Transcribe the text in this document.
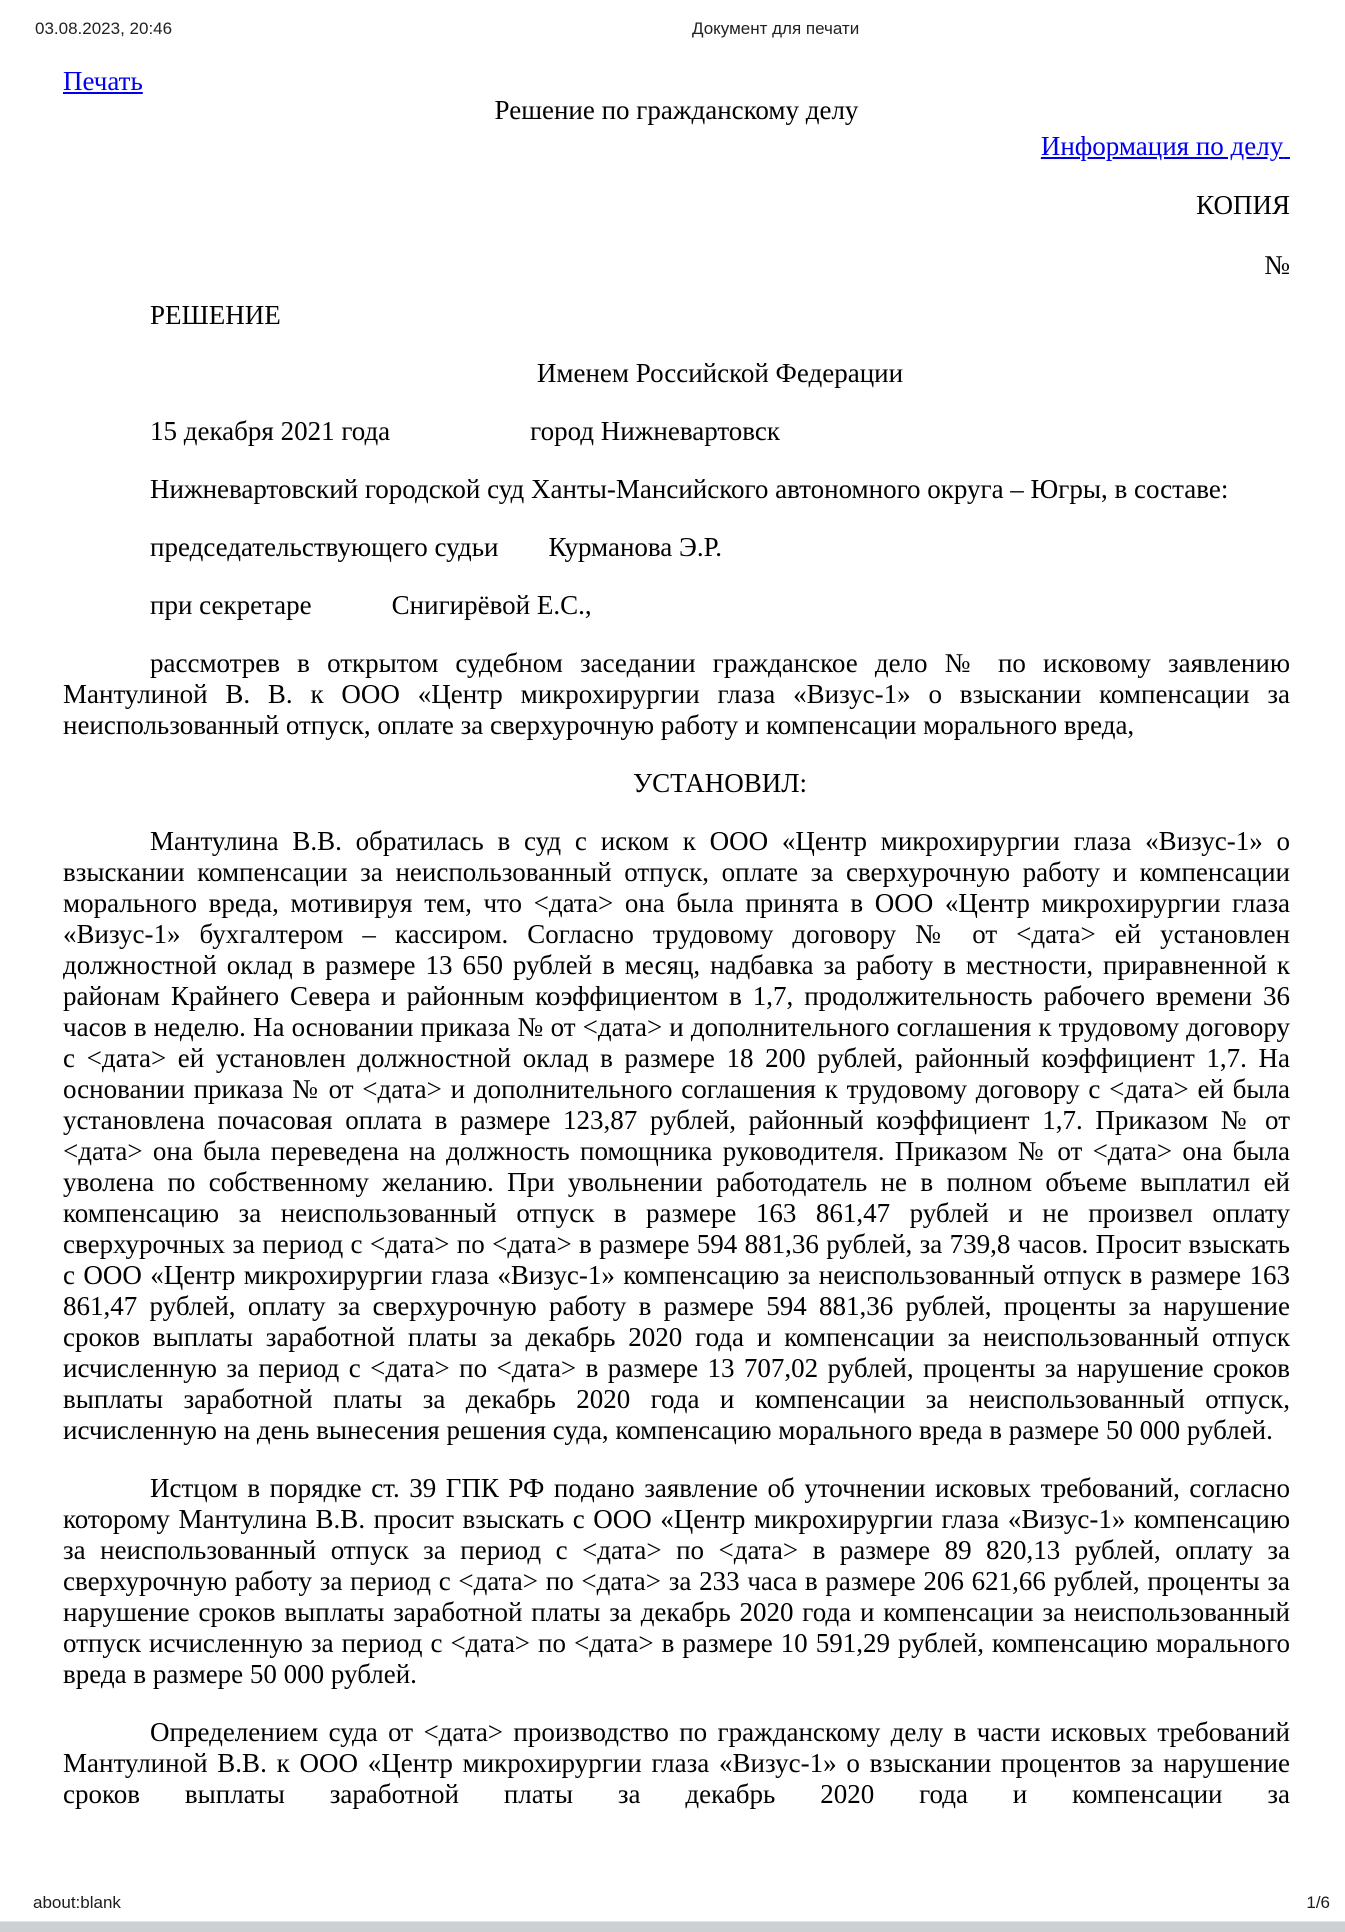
03.08.2023, 20:46	Документ для печати
Печать
Решение по гражданскому делу
Информация по делу
КОПИЯ
№

РЕШЕНИЕ

Именем Российской Федерации

15 декабря 2021 года	город Нижневартовск

Нижневартовский городской суд Ханты-Мансийского автономного округа – Югры, в составе:

председательствующего судьи Курманова Э.Р.

при секретаре	Снигирёвой Е.С.,

рассмотрев в открытом судебном заседании гражданское дело № по исковому заявлению Мантулиной В. В. к ООО «Центр микрохирургии глаза «Визус-1» о взыскании компенсации за неиспользованный отпуск, оплате за сверхурочную работу и компенсации морального вреда,

УСТАНОВИЛ:

Мантулина В.В. обратилась в суд с иском к ООО «Центр микрохирургии глаза «Визус-1» о взыскании компенсации за неиспользованный отпуск, оплате за сверхурочную работу и компенсации морального вреда, мотивируя тем, что <дата> она была принята в ООО «Центр микрохирургии глаза «Визус-1» бухгалтером – кассиром. Согласно трудовому договору № от <дата> ей установлен должностной оклад в размере 13 650 рублей в месяц, надбавка за работу в местности, приравненной к районам Крайнего Севера и районным коэффициентом в 1,7, продолжительность рабочего времени 36 часов в неделю. На основании приказа № от <дата> и дополнительного соглашения к трудовому договору с <дата> ей установлен должностной оклад в размере 18 200 рублей, районный коэффициент 1,7. На основании приказа № от <дата> и дополнительного соглашения к трудовому договору с <дата> ей была установлена почасовая оплата в размере 123,87 рублей, районный коэффициент 1,7. Приказом № от <дата> она была переведена на должность помощника руководителя. Приказом № от <дата> она была уволена по собственному желанию. При увольнении работодатель не в полном объеме выплатил ей компенсацию за неиспользованный отпуск в размере 163 861,47 рублей и не произвел оплату сверхурочных за период с <дата> по <дата> в размере 594 881,36 рублей, за 739,8 часов. Просит взыскать с ООО «Центр микрохирургии глаза «Визус-1» компенсацию за неиспользованный отпуск в размере 163 861,47 рублей, оплату за сверхурочную работу в размере 594 881,36 рублей, проценты за нарушение сроков выплаты заработной платы за декабрь 2020 года и компенсации за неиспользованный отпуск исчисленную за период с <дата> по <дата> в размере 13 707,02 рублей, проценты за нарушение сроков выплаты заработной платы за декабрь 2020 года и компенсации за неиспользованный отпуск, исчисленную на день вынесения решения суда, компенсацию морального вреда в размере 50 000 рублей.

Истцом в порядке ст. 39 ГПК РФ подано заявление об уточнении исковых требований, согласно которому Мантулина В.В. просит взыскать с ООО «Центр микрохирургии глаза «Визус-1» компенсацию за неиспользованный отпуск за период с <дата> по <дата> в размере 89 820,13 рублей, оплату за сверхурочную работу за период с <дата> по <дата> за 233 часа в размере 206 621,66 рублей, проценты за нарушение сроков выплаты заработной платы за декабрь 2020 года и компенсации за неиспользованный отпуск исчисленную за период с <дата> по <дата> в размере 10 591,29 рублей, компенсацию морального вреда в размере 50 000 рублей.

Определением суда от <дата> производство по гражданскому делу в части исковых требований Мантулиной В.В. к ООО «Центр микрохирургии глаза «Визус-1» о взыскании процентов за нарушение сроков выплаты заработной платы за декабрь 2020 года и компенсации за

about:blank	1/6
